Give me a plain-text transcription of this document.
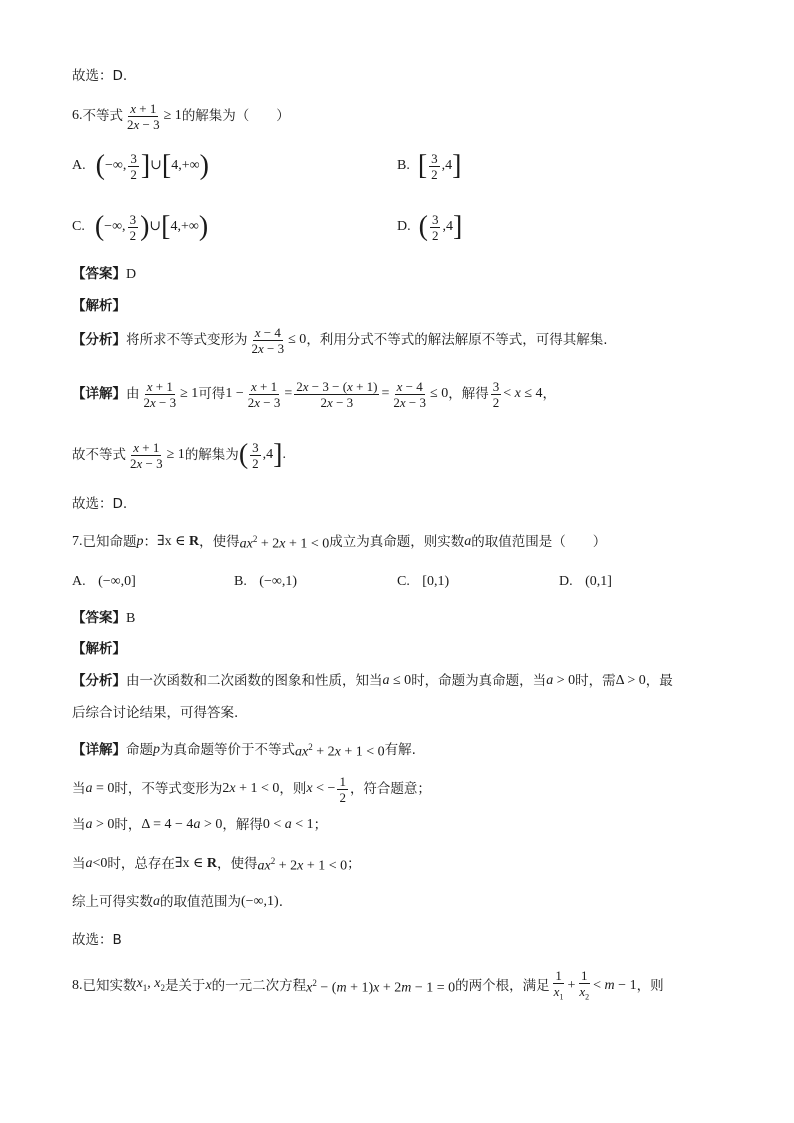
故选：D.
6. 不等式 $\frac{x + 1}{2x - 3} \ge 1$ 的解集为（　　）
A. ( −∞, $\frac{3}{2}$ ] ∪ [ 4,+∞ )	B. [ $\frac{3}{2} ,4$ ]
C. ( −∞, $\frac{3}{2}$ ) ∪ [ 4,+∞ )	D. ( $\frac{3}{2} ,4$ ]
【答案】D
【解析】
【分析】 将所求不等式变形为 $\frac{x - 4}{2x - 3} \le 0$ ，利用分式不等式的解法解原不等式，可得其解集.
【详解】 由 $\frac{x + 1}{2x - 3} \ge 1$ 可得 $1 - \frac{x + 1}{2x - 3} = \frac{2x - 3 - (x + 1)}{2x - 3} = \frac{x - 4}{2x - 3} \le 0$ ，解得 $\frac{3}{2} < x \le 4$ ，
故不等式 $\frac{x + 1}{2x - 3} \ge 1$ 的解集为 ( $\frac{3}{2} ,4$ ] .
故选：D.
7. 已知命题 p ： ∃x ∈ R ，使得 $ax^2 + 2x + 1 < 0$ 成立为真命题，则实数 a 的取值范围是（　　）
A. (−∞,0]	B. (−∞,1)	C. [0,1)	D. (0,1]
【答案】B
【解析】
【分析】 由一次函数和二次函数的图象和性质，知当 a ≤ 0 时，命题为真命题，当 a > 0 时，需 Δ > 0 ，最
后综合讨论结果，可得答案.
【详解】 命题 p 为真命题等价于不等式 $ax^2 + 2x + 1 < 0$ 有解.
当 a = 0 时，不等式变形为 2x + 1 < 0 ，则 x < − $\frac{1}{2}$ ，符合题意；
当 a > 0 时， Δ = 4 − 4a > 0 ，解得 0 < a < 1 ；
当 a <0 时，总存在 ∃x ∈ R ，使得 $ax^2 + 2x + 1 < 0$ ；
综上可得实数 a 的取值范围为 (−∞,1) .
故选：B
8. 已知实数 $x_1$, $x_2$ 是关于 x 的一元二次方程 $x^2 - (m + 1)x + 2m - 1 = 0$ 的两个根，满足 $\frac{1}{x_1} + \frac{1}{x_2} < m - 1$ ，则
